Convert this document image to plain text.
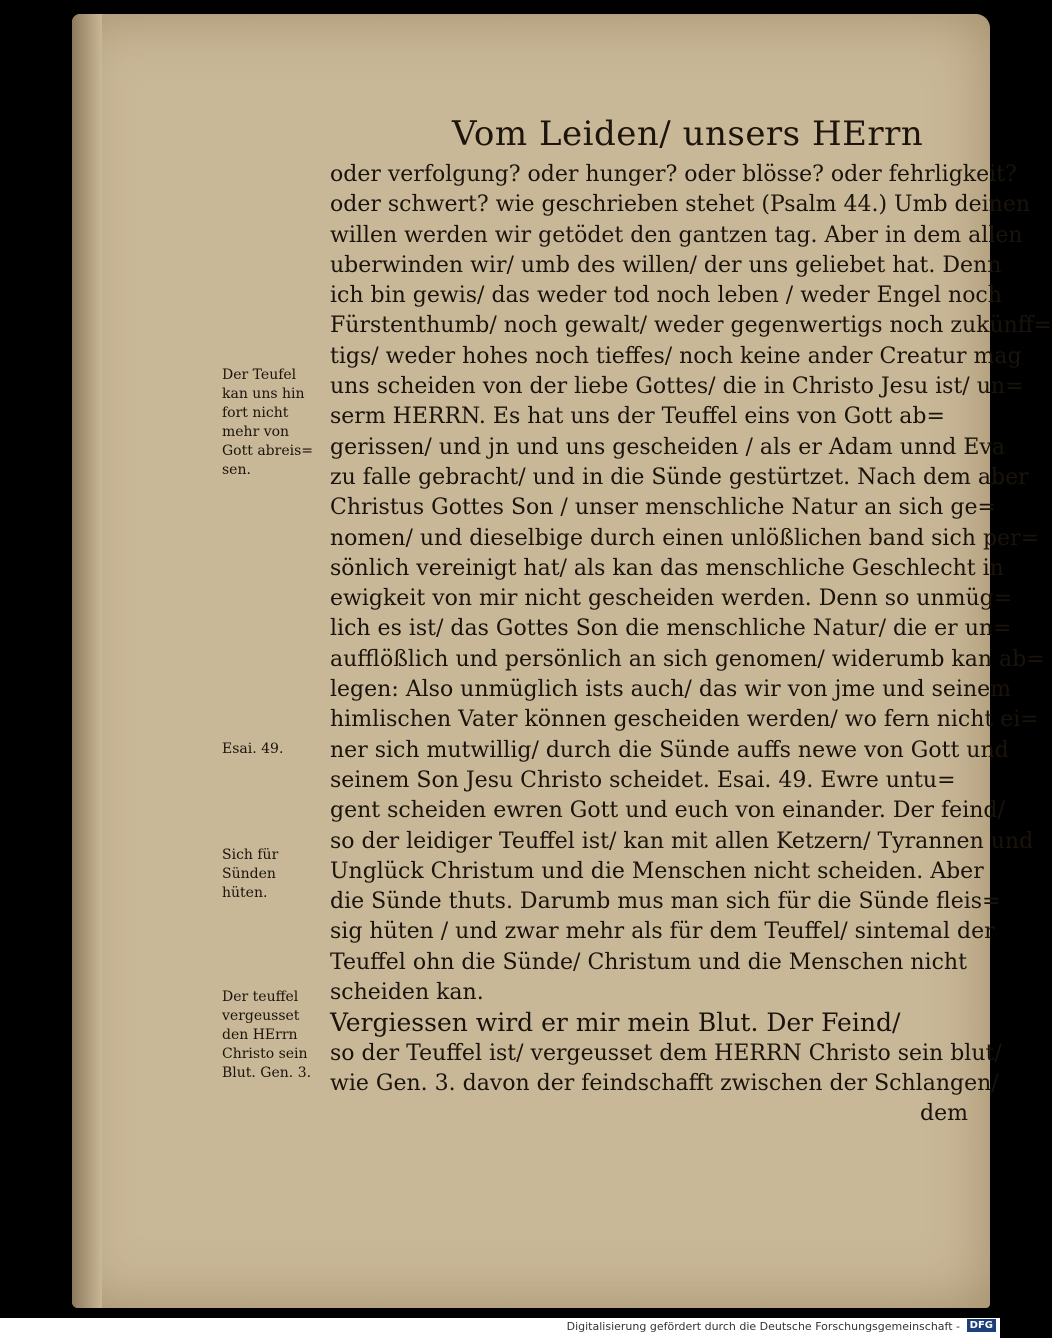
Vom Leiden/ unsers HErrn
oder verfolgung? oder hunger? oder blösse? oder fehrligkeit?
oder schwert? wie geschrieben stehet (Psalm 44.) Umb deinen
willen werden wir getödet den gantzen tag. Aber in dem allen
uberwinden wir/ umb des willen/ der uns geliebet hat. Denn
ich bin gewis/ das weder tod noch leben / weder Engel noch
Fürstenthumb/ noch gewalt/ weder gegenwertigs noch zukünff=
tigs/ weder hohes noch tieffes/ noch keine ander Creatur mag
uns scheiden von der liebe Gottes/ die in Christo Jesu ist/ un=
serm HERRN. Es hat uns der Teuffel eins von Gott ab=
gerissen/ und jn und uns gescheiden / als er Adam unnd Eva
zu falle gebracht/ und in die Sünde gestürtzet. Nach dem aber
Christus Gottes Son / unser menschliche Natur an sich ge=
nomen/ und dieselbige durch einen unlößlichen band sich per=
sönlich vereinigt hat/ als kan das menschliche Geschlecht in
ewigkeit von mir nicht gescheiden werden. Denn so unmüg=
lich es ist/ das Gottes Son die menschliche Natur/ die er un=
aufflößlich und persönlich an sich genomen/ widerumb kan ab=
legen: Also unmüglich ists auch/ das wir von jme und seinem
himlischen Vater können gescheiden werden/ wo fern nicht ei=
ner sich mutwillig/ durch die Sünde auffs newe von Gott und
seinem Son Jesu Christo scheidet. Esai. 49. Ewre untu=
gent scheiden ewren Gott und euch von einander. Der feind/
so der leidiger Teuffel ist/ kan mit allen Ketzern/ Tyrannen und
Unglück Christum und die Menschen nicht scheiden. Aber
die Sünde thuts. Darumb mus man sich für die Sünde fleis=
sig hüten / und zwar mehr als für dem Teuffel/ sintemal der
Teuffel ohn die Sünde/ Christum und die Menschen nicht
scheiden kan.
Vergiessen wird er mir mein Blut. Der Feind/
so der Teuffel ist/ vergeusset dem HERRN Christo sein blut/
wie Gen. 3. davon der feindschafft zwischen der Schlangen/
dem
Der Teufel kan uns hin fort nicht mehr von Gott abreis= sen.
Esai. 49.
Sich für Sünden hüten.
Der teuffel vergeusset den HErrn Christo sein Blut. Gen. 3.
Digitalisierung gefördert durch die Deutsche Forschungsgemeinschaft - DFG
